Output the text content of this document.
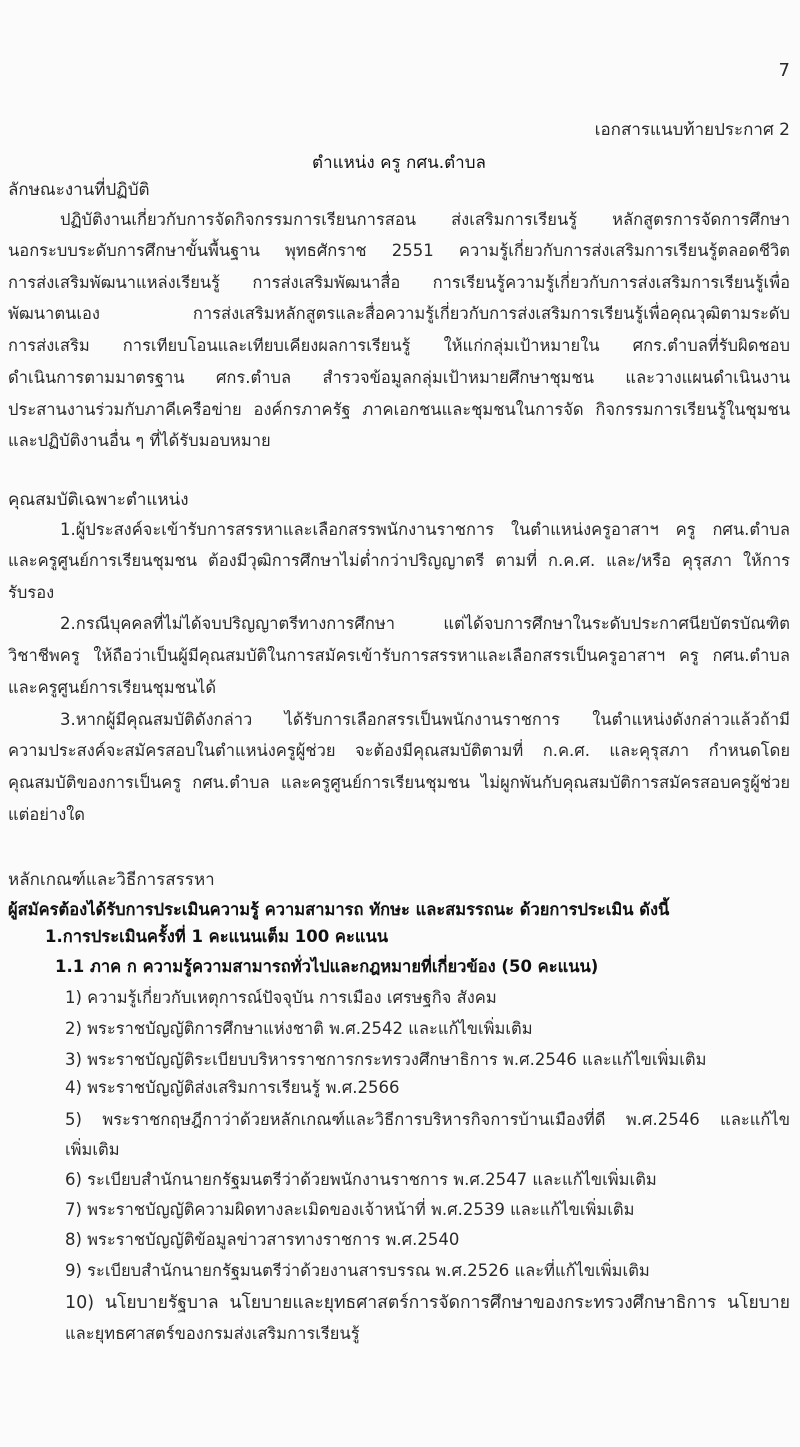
7
เอกสารแนบท้ายประกาศ 2
ตำแหน่ง ครู กศน.ตำบล
ลักษณะงานที่ปฏิบัติ
ปฏิบัติงานเกี่ยวกับการจัดกิจกรรมการเรียนการสอน ส่งเสริมการเรียนรู้ หลักสูตรการจัดการศึกษา
นอกระบบระดับการศึกษาขั้นพื้นฐาน พุทธศักราช 2551 ความรู้เกี่ยวกับการส่งเสริมการเรียนรู้ตลอดชีวิต
การส่งเสริมพัฒนาแหล่งเรียนรู้ การส่งเสริมพัฒนาสื่อ การเรียนรู้ความรู้เกี่ยวกับการส่งเสริมการเรียนรู้เพื่อ
พัฒนาตนเอง การส่งเสริมหลักสูตรและสื่อความรู้เกี่ยวกับการส่งเสริมการเรียนรู้เพื่อคุณวุฒิตามระดับ
การส่งเสริม การเทียบโอนและเทียบเคียงผลการเรียนรู้ ให้แก่กลุ่มเป้าหมายใน ศกร.ตำบลที่รับผิดชอบ
ดำเนินการตามมาตรฐาน ศกร.ตำบล สำรวจข้อมูลกลุ่มเป้าหมายศึกษาชุมชน และวางแผนดำเนินงาน
ประสานงานร่วมกับภาคีเครือข่าย องค์กรภาครัฐ ภาคเอกชนและชุมชนในการจัด กิจกรรมการเรียนรู้ในชุมชน
และปฏิบัติงานอื่น ๆ ที่ได้รับมอบหมาย
คุณสมบัติเฉพาะตำแหน่ง
1.ผู้ประสงค์จะเข้ารับการสรรหาและเลือกสรรพนักงานราชการ ในตำแหน่งครูอาสาฯ ครู กศน.ตำบล
และครูศูนย์การเรียนชุมชน ต้องมีวุฒิการศึกษาไม่ต่ำกว่าปริญญาตรี ตามที่ ก.ค.ศ. และ/หรือ คุรุสภา ให้การ
รับรอง
2.กรณีบุคคลที่ไม่ได้จบปริญญาตรีทางการศึกษา แต่ได้จบการศึกษาในระดับประกาศนียบัตรบัณฑิต
วิชาชีพครู ให้ถือว่าเป็นผู้มีคุณสมบัติในการสมัครเข้ารับการสรรหาและเลือกสรรเป็นครูอาสาฯ ครู กศน.ตำบล
และครูศูนย์การเรียนชุมชนได้
3.หากผู้มีคุณสมบัติดังกล่าว ได้รับการเลือกสรรเป็นพนักงานราชการ ในตำแหน่งดังกล่าวแล้วถ้ามี
ความประสงค์จะสมัครสอบในตำแหน่งครูผู้ช่วย จะต้องมีคุณสมบัติตามที่ ก.ค.ศ. และคุรุสภา กำหนดโดย
คุณสมบัติของการเป็นครู กศน.ตำบล และครูศูนย์การเรียนชุมชน ไม่ผูกพันกับคุณสมบัติการสมัครสอบครูผู้ช่วย
แต่อย่างใด
หลักเกณฑ์และวิธีการสรรหา
ผู้สมัครต้องได้รับการประเมินความรู้ ความสามารถ ทักษะ และสมรรถนะ ด้วยการประเมิน ดังนี้
1.การประเมินครั้งที่ 1 คะแนนเต็ม 100 คะแนน
1.1 ภาค ก ความรู้ความสามารถทั่วไปและกฎหมายที่เกี่ยวข้อง (50 คะแนน)
1) ความรู้เกี่ยวกับเหตุการณ์ปัจจุบัน การเมือง เศรษฐกิจ สังคม
2) พระราชบัญญัติการศึกษาแห่งชาติ พ.ศ.2542 และแก้ไขเพิ่มเติม
3) พระราชบัญญัติระเบียบบริหารราชการกระทรวงศึกษาธิการ พ.ศ.2546 และแก้ไขเพิ่มเติม
4) พระราชบัญญัติส่งเสริมการเรียนรู้ พ.ศ.2566
5) พระราชกฤษฎีกาว่าด้วยหลักเกณฑ์และวิธีการบริหารกิจการบ้านเมืองที่ดี พ.ศ.2546 และแก้ไข
เพิ่มเติม
6) ระเบียบสำนักนายกรัฐมนตรีว่าด้วยพนักงานราชการ พ.ศ.2547 และแก้ไขเพิ่มเติม
7) พระราชบัญญัติความผิดทางละเมิดของเจ้าหน้าที่ พ.ศ.2539 และแก้ไขเพิ่มเติม
8) พระราชบัญญัติข้อมูลข่าวสารทางราชการ พ.ศ.2540
9) ระเบียบสำนักนายกรัฐมนตรีว่าด้วยงานสารบรรณ พ.ศ.2526 และที่แก้ไขเพิ่มเติม
10) นโยบายรัฐบาล นโยบายและยุทธศาสตร์การจัดการศึกษาของกระทรวงศึกษาธิการ นโยบาย
และยุทธศาสตร์ของกรมส่งเสริมการเรียนรู้
